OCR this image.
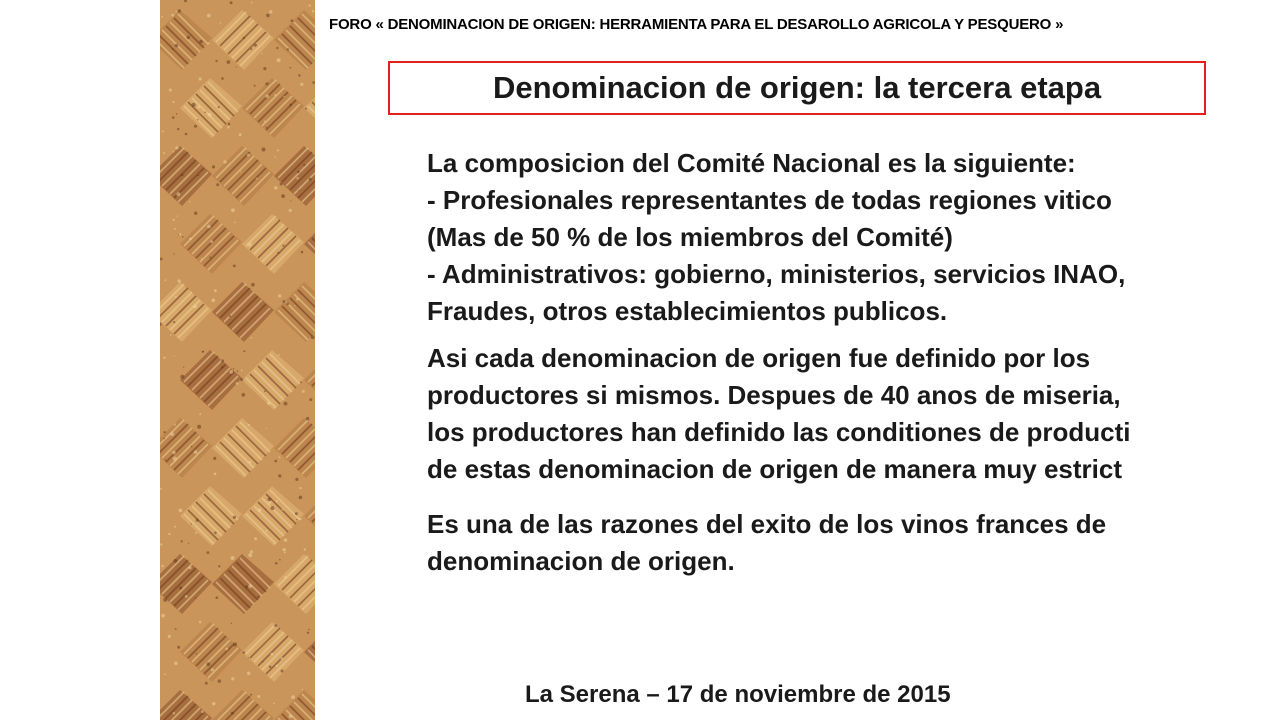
FORO « DENOMINACION DE ORIGEN: HERRAMIENTA PARA EL DESAROLLO AGRICOLA Y PESQUERO »
Denominacion de origen: la tercera etapa
La composicion del Comité Nacional es la siguiente:
- Profesionales representantes de todas regiones vitico
(Mas de 50 % de los miembros del Comité)
- Administrativos: gobierno, ministerios, servicios INAO,
Fraudes, otros establecimientos publicos.
Asi cada denominacion de origen fue definido por los
productores si mismos. Despues de 40 anos de miseria,
los productores han definido las conditiones de producti
de estas denominacion de origen de manera muy estrict
Es una de las razones del exito de los vinos frances de
denominacion de origen.
La Serena – 17 de noviembre de 2015
